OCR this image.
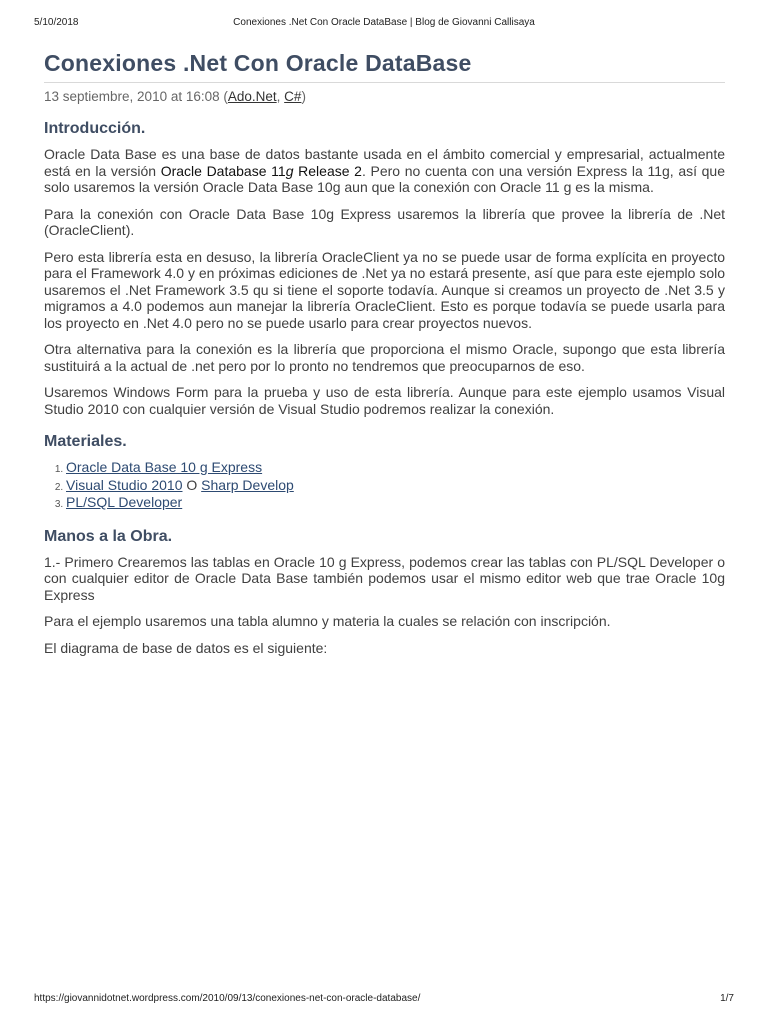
5/10/2018	Conexiones .Net Con Oracle DataBase | Blog de Giovanni Callisaya
Conexiones .Net Con Oracle DataBase
13 septiembre, 2010 at 16:08 (Ado.Net, C#)
Introducción.

Oracle Data Base es una base de datos bastante usada en el ámbito comercial y empresarial, actualmente está en la versión Oracle Database 11g Release 2. Pero no cuenta con una versión Express la 11g, así que solo usaremos la versión Oracle Data Base 10g aun que la conexión con Oracle 11 g es la misma.

Para la conexión con Oracle Data Base 10g Express usaremos la librería que provee la librería de .Net (OracleClient).

Pero esta librería esta en desuso, la librería OracleClient ya no se puede usar de forma explícita en proyecto para el Framework 4.0 y en próximas ediciones de .Net ya no estará presente, así que para este ejemplo solo usaremos el .Net Framework 3.5 qu si tiene el soporte todavía. Aunque si creamos un proyecto de .Net 3.5 y migramos a 4.0 podemos aun manejar la librería OracleClient. Esto es porque todavía se puede usarla para los proyecto en .Net 4.0 pero no se puede usarlo para crear proyectos nuevos.

Otra alternativa para la conexión es la librería que proporciona el mismo Oracle, supongo que esta librería sustituirá a la actual de .net pero por lo pronto no tendremos que preocuparnos de eso.

Usaremos Windows Form para la prueba y uso de esta librería. Aunque para este ejemplo usamos Visual Studio 2010 con cualquier versión de Visual Studio podremos realizar la conexión.

Materiales.
1. Oracle Data Base 10 g Express
2. Visual Studio 2010 O Sharp Develop
3. PL/SQL Developer
Manos a la Obra.

1.- Primero Crearemos las tablas en Oracle 10 g Express, podemos crear las tablas con PL/SQL Developer o con cualquier editor de Oracle Data Base también podemos usar el mismo editor web que trae Oracle 10g Express

Para el ejemplo usaremos una tabla alumno y materia la cuales se relación con inscripción.

El diagrama de base de datos es el siguiente:

https://giovannidotnet.wordpress.com/2010/09/13/conexiones-net-con-oracle-database/	1/7
